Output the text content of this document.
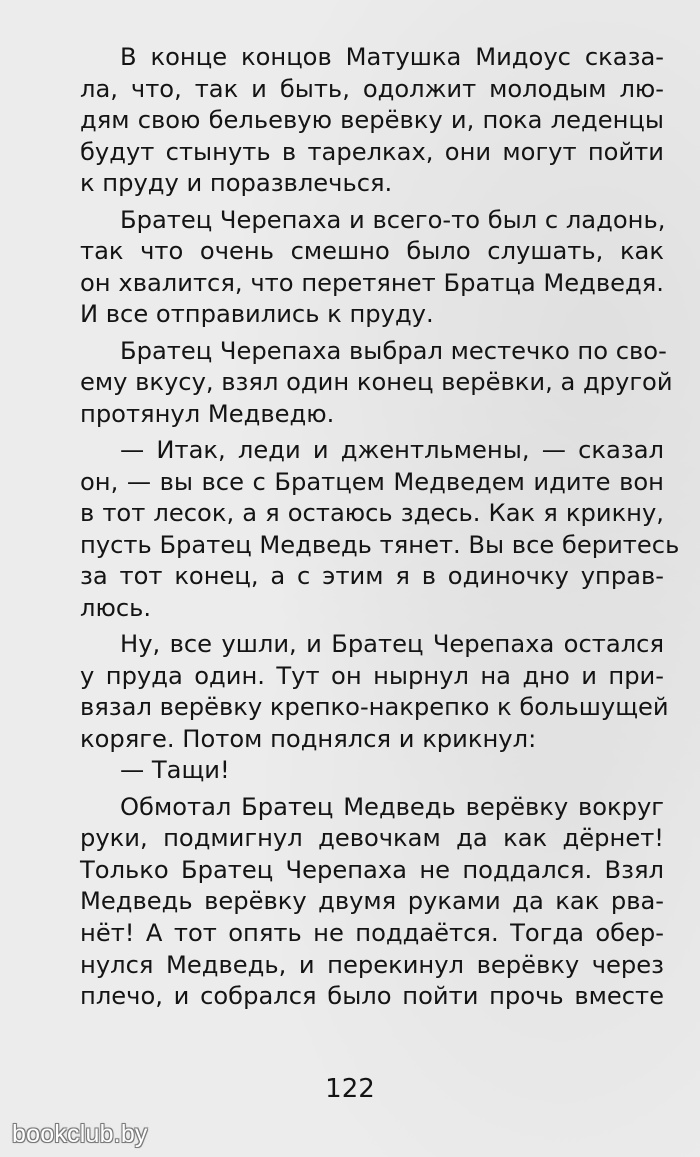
В конце концов Матушка Мидоус сказа-
ла, что, так и быть, одолжит молодым лю-
дям свою бельевую верёвку и, пока леденцы
будут стынуть в тарелках, они могут пойти
к пруду и поразвлечься.
Братец Черепаха и всего-то был с ладонь,
так что очень смешно было слушать, как
он хвалится, что перетянет Братца Медведя.
И все отправились к пруду.
Братец Черепаха выбрал местечко по сво-
ему вкусу, взял один конец верёвки, а другой
протянул Медведю.
— Итак, леди и джентльмены, — сказал
он, — вы все с Братцем Медведем идите вон
в тот лесок, а я остаюсь здесь. Как я крикну,
пусть Братец Медведь тянет. Вы все беритесь
за тот конец, а с этим я в одиночку управ-
люсь.
Ну, все ушли, и Братец Черепаха остался
у пруда один. Тут он нырнул на дно и при-
вязал верёвку крепко-накрепко к большущей
коряге. Потом поднялся и крикнул:
— Тащи!
Обмотал Братец Медведь верёвку вокруг
руки, подмигнул девочкам да как дёрнет!
Только Братец Черепаха не поддался. Взял
Медведь верёвку двумя руками да как рва-
нёт! А тот опять не поддаётся. Тогда обер-
нулся Медведь, и перекинул верёвку через
плечо, и собрался было пойти прочь вместе
122
bookclub.by
